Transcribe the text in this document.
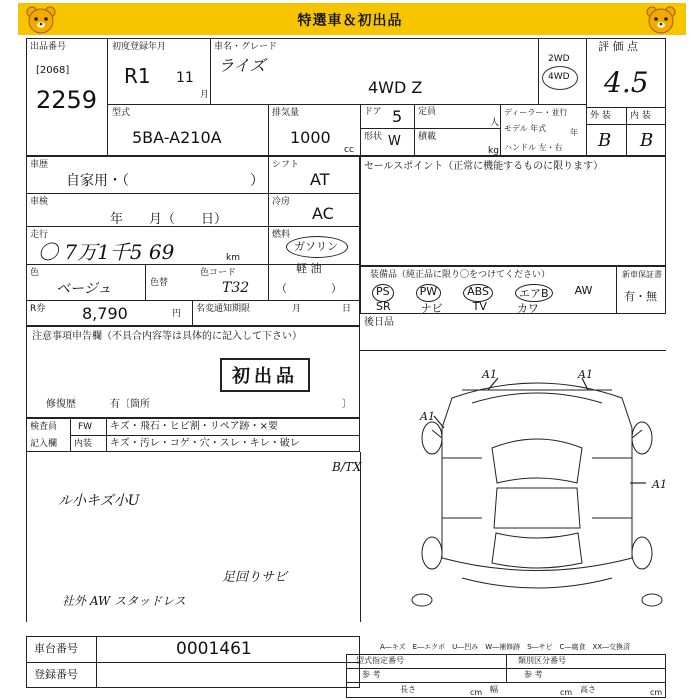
特選車＆初出品
出品番号
[2068]
2259
初度登録年月
R1 11
月
車名・グレード
ライズ
4WD Z
2WD
4WD
評 価 点
4.5
外 装 内 装
B B
型式
5BA-A210A
排気量
1000
cc
ドア 5 定員
人
形状 W 積載
kg
ディーラー・並行
モデル 年式	年
ハンドル 左・右
車歴
自家用・（	）
シフト
AT
車検
年　　月（　　日）
冷房
AC
走行
〇 7万1千5 69	km
燃料
ガソリン
軽 油
（　　　　）
色
ベージュ	色替
色コード
T32
R券 8,790	円 名変通知期限	月	日
セールスポイント（正常に機能するものに限ります）
装備品（純正品に限り〇をつけてください）
PS	PW	ABS	エアB	AW
SR	ナビ	TV	カワ
新車保証書
有・無
後日品
注意事項申告欄（不具合内容等は具体的に記入して下さい）
初出品
修復歴	有〔箇所	〕
検査員
記入欄
FW キズ・飛石・ヒビ割・リペア跡・×要
内装 キズ・汚レ・コゲ・穴・スレ・キレ・破レ
B/TX
ル小キズ小U
足回りサビ
社外 AW スタッドレス
A1	A1
A1
A1
車台番号	0001461
登録番号
A―キズ　E―エクボ　U―凹み　W―補修跡　S―サビ　C―腐食　XX―交換済
型式指定番号
参 考
類別区分番号
参 考
長さ	幅	高さ
cm	cm	cm
